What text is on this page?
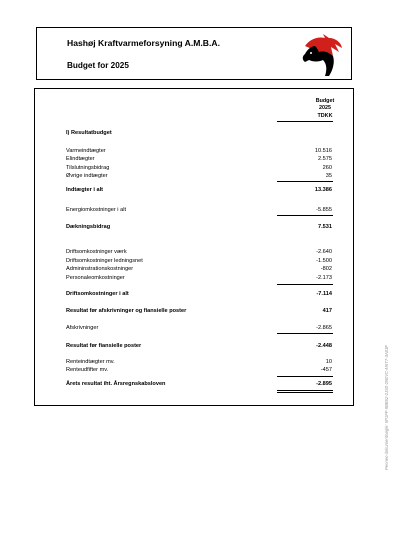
Hashøj Kraftvarmeforsyning A.M.B.A.
Budget for 2025
Budget
2025
TDKK
I) Resultatbudget
Varmeindtægter	10.516
Elindtægter	2.575
Tilslutningsbidrag	260
Øvrige indtægter	35
Indtægter i alt	13.386
Energiomkostninger i alt	-5.855
Dækningsbidrag	7.531
Driftsomkostninger værk	-2.640
Driftsomkostninger ledningsnet	-1.500
Admininstrationskostninger	-802
Personaleomkostninger	-2.173
Driftsomkostninger i alt	-7.114
Resultat før afskrivninger og fiansielle poster	417
Afskrivninger	-2.865
Resultat før fiansielle poster	-2.448
Renteindtægter mv.	10
Renteudfifter mv.	-457
Årets resultat iht. Årsregnskabsloven	-2.895	Penneo dokumentnøgle: 5P1FF-9BB52-2JS0-2N0VC-M6T7-3A53F
